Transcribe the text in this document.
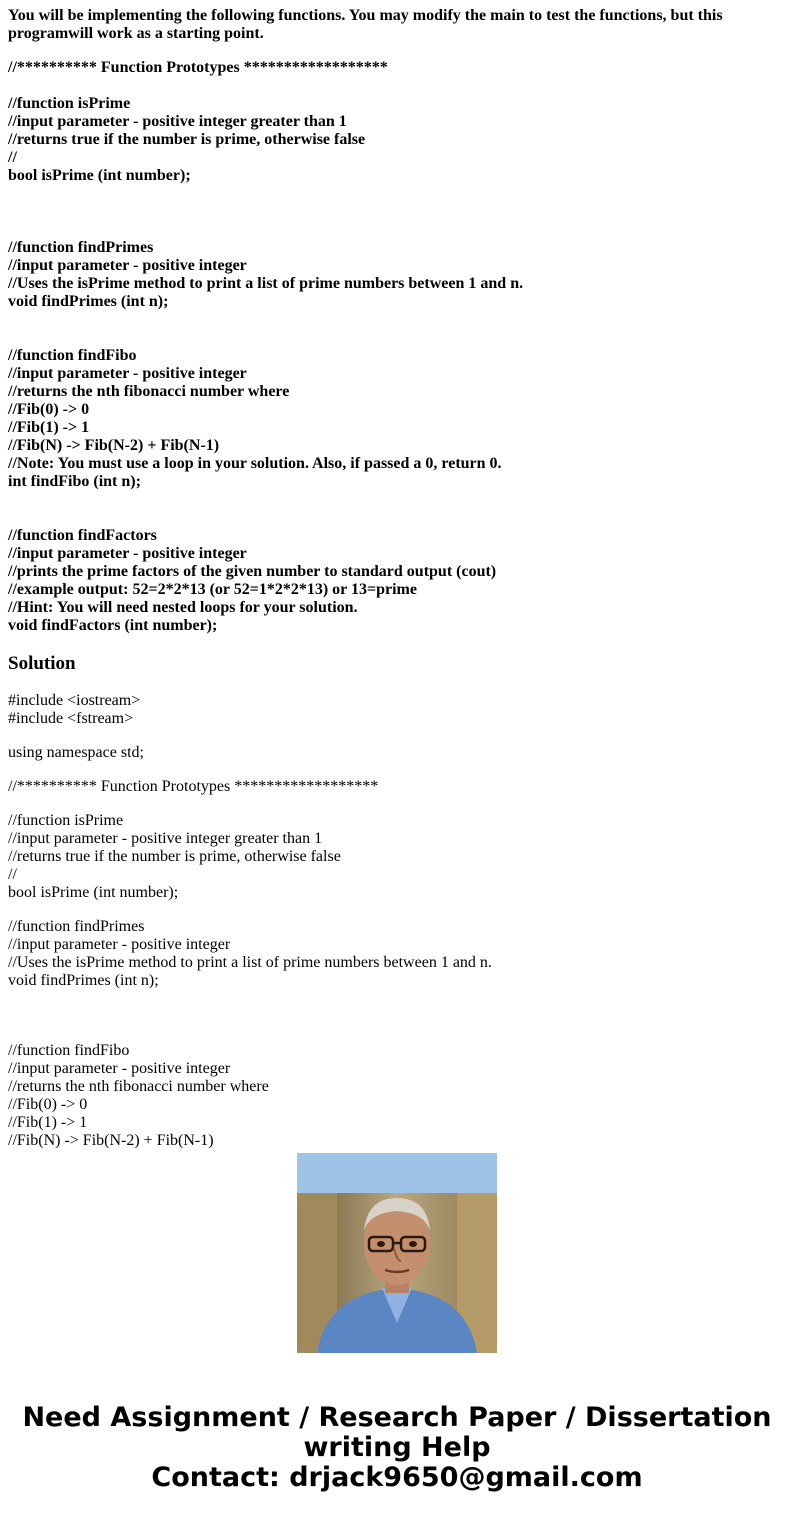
You will be implementing the following functions. You may modify the main to test the functions, but this programwill work as a starting point.
//********** Function Prototypes ******************
//function isPrime
//input parameter - positive integer greater than 1
//returns true if the number is prime, otherwise false
//
bool isPrime (int number);
//function findPrimes
//input parameter - positive integer
//Uses the isPrime method to print a list of prime numbers between 1 and n.
void findPrimes (int n);
//function findFibo
//input parameter - positive integer
//returns the nth fibonacci number where
//Fib(0) -> 0
//Fib(1) -> 1
//Fib(N) -> Fib(N-2) + Fib(N-1)
//Note: You must use a loop in your solution. Also, if passed a 0, return 0.
int findFibo (int n);
//function findFactors
//input parameter - positive integer
//prints the prime factors of the given number to standard output (cout)
//example output: 52=2*2*13 (or 52=1*2*2*13) or 13=prime
//Hint: You will need nested loops for your solution.
void findFactors (int number);
Solution
#include <iostream>
#include <fstream>
using namespace std;
//********** Function Prototypes ******************
//function isPrime
//input parameter - positive integer greater than 1
//returns true if the number is prime, otherwise false
//
bool isPrime (int number);
//function findPrimes
//input parameter - positive integer
//Uses the isPrime method to print a list of prime numbers between 1 and n.
void findPrimes (int n);
//function findFibo
//input parameter - positive integer
//returns the nth fibonacci number where
//Fib(0) -> 0
//Fib(1) -> 1
//Fib(N) -> Fib(N-2) + Fib(N-1)
Need Assignment / Research Paper / Dissertation
writing Help
Contact: drjack9650@gmail.com
